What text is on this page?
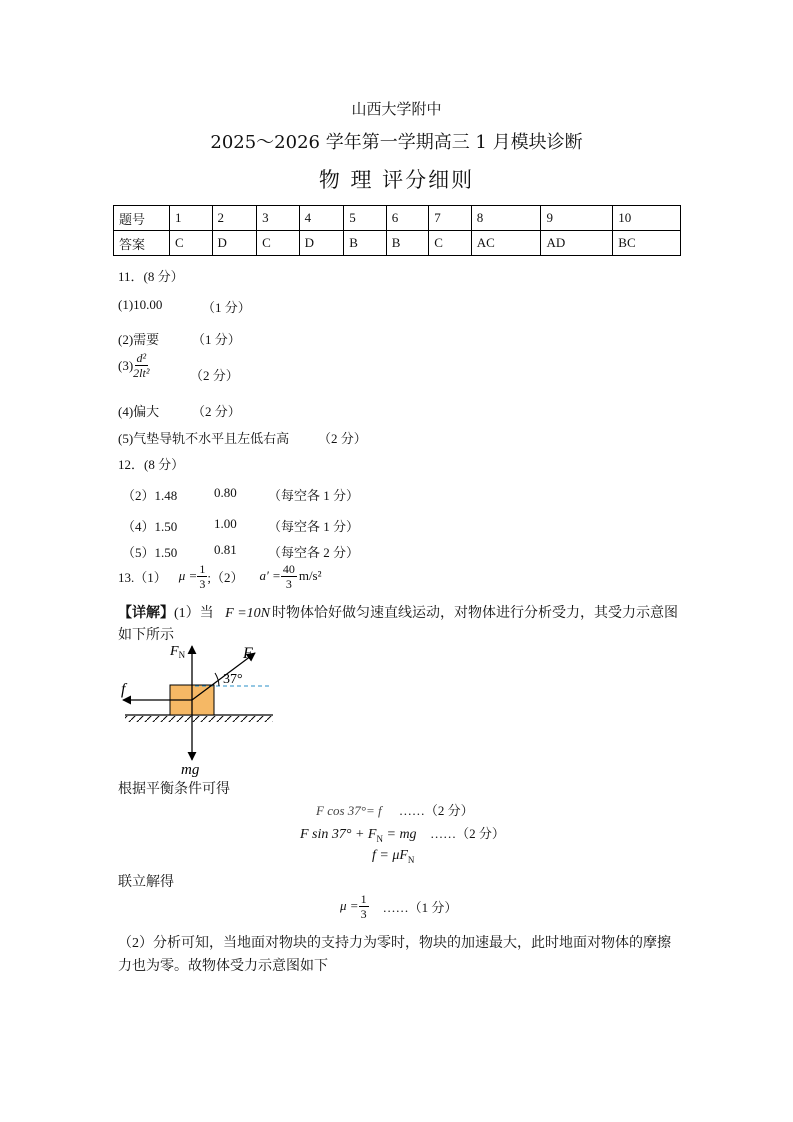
山西大学附中
2025～2026 学年第一学期高三 1 月模块诊断
物 理 评分细则
题号	1	2	3	4	5	6	7	8	9	10
答案	C	D	C	D	B	B	C	AC	AD	BC
11．(8 分）
(1)10.00	（1 分）
(2)需要	（1 分）
$(3) \frac{\text{d²}}{\text{2lt²}}$	（2 分）
(4)偏大	（2 分）
(5)气垫导轨不水平且左低右高 （2 分）
12．(8 分）
（2）1.48	0.80 （每空各 1 分）
（4）1.50	1.00 （每空各 1 分）
（5）1.50	0.81 （每空各 2 分）
13.（1） $\mu = \frac{1}{3}$ ;（2） $a' = \frac{40}{3} m/s^2$
【详解】(1）当 F =10N 时物体恰好做匀速直线运动，对物体进行分析受力，其受力示意图
如下所示
$F_N$	F
37°
f
mg
根据平衡条件可得
F cos 37°= f ……（2 分）
F $\sin 37^\circ + F_N$ = mg ……（2 分）
$f = \mu F_N$
联立解得
$\mu = \frac{1}{3}$ ……（1 分）
（2）分析可知，当地面对物块的支持力为零时，物块的加速最大，此时地面对物体的摩擦
力也为零。故物体受力示意图如下
